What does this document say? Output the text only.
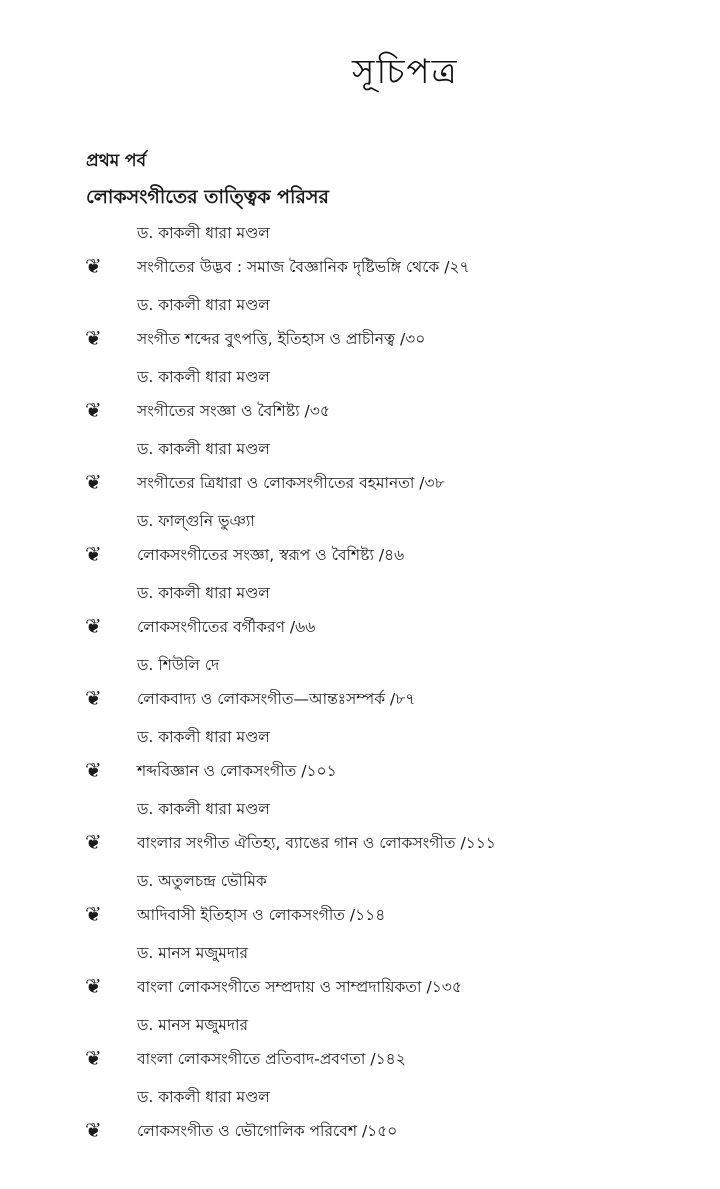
সূচিপত্র
প্রথম পর্ব
লোকসংগীতের তাত্ত্বিক পরিসর
ড. কাকলী ধারা মণ্ডল
❦ সংগীতের উদ্ভব : সমাজ বৈজ্ঞানিক দৃষ্টিভঙ্গি থেকে /২৭
ড. কাকলী ধারা মণ্ডল
❦ সংগীত শব্দের বুৎপত্তি, ইতিহাস ও প্রাচীনত্ব /৩০
ড. কাকলী ধারা মণ্ডল
❦ সংগীতের সংজ্ঞা ও বৈশিষ্ট্য /৩৫
ড. কাকলী ধারা মণ্ডল
❦ সংগীতের ত্রিধারা ও লোকসংগীতের বহমানতা /৩৮
ড. ফাল্গুনি ভুঞ্যা
❦ লোকসংগীতের সংজ্ঞা, স্বরূপ ও বৈশিষ্ট্য /৪৬
ড. কাকলী ধারা মণ্ডল
❦ লোকসংগীতের বর্গীকরণ /৬৬
ড. শিউলি দে
❦ লোকবাদ্য ও লোকসংগীত—আন্তঃসম্পর্ক /৮৭
ড. কাকলী ধারা মণ্ডল
❦ শব্দবিজ্ঞান ও লোকসংগীত /১০১
ড. কাকলী ধারা মণ্ডল
❦ বাংলার সংগীত ঐতিহ্য, ব্যাঙের গান ও লোকসংগীত /১১১
ড. অতুলচন্দ্র ভৌমিক
❦ আদিবাসী ইতিহাস ও লোকসংগীত /১১৪
ড. মানস মজুমদার
❦ বাংলা লোকসংগীতে সম্প্রদায় ও সাম্প্রদায়িকতা /১৩৫
ড. মানস মজুমদার
❦ বাংলা লোকসংগীতে প্রতিবাদ-প্রবণতা /১৪২
ড. কাকলী ধারা মণ্ডল
❦ লোকসংগীত ও ভৌগোলিক পরিবেশ /১৫০
